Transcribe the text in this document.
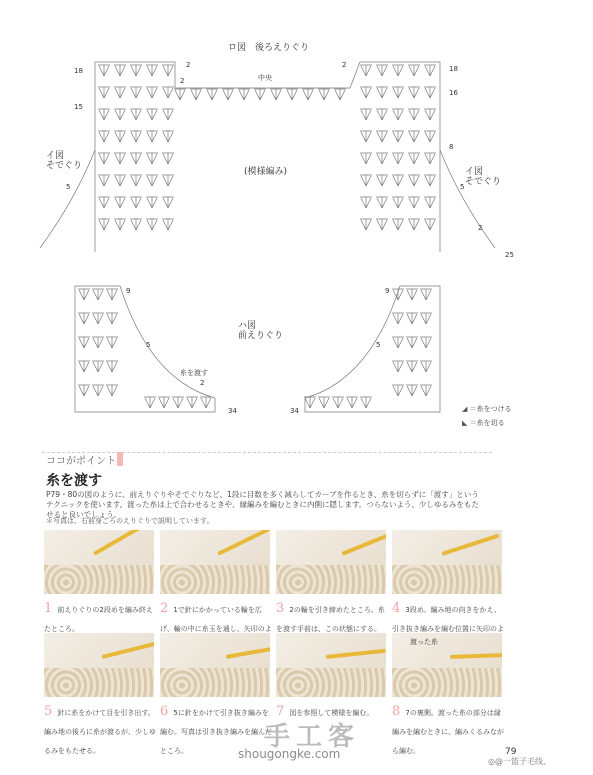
ロ図　後ろえりぐり
中央
18
15
5
2
2
2	18
16
8
5
2
25
(模様編み)
イ図
そでぐり
イ図
そでぐり
ハ図
前えりぐり
9
5
糸を渡す
2
34
9
5
34	◢ ＝糸をつける
◣ ＝糸を切る
ココがポイント
糸を渡す
P79・80の図のように、前えりぐりやそでぐりなど、1段に目数を多く減らしてカーブを作るとき、糸を切らずに「渡す」というテクニックを使います。渡った糸は上で合わせるときや、縁編みを編むときに内側に隠します。つらないよう、少しゆるみをもたせると良いでしょう。
＊写真は、右前身ごろのえりぐりで説明しています。
1 前えりぐりの2段めを編み終えたところ。
2 1で針にかかっている輪を広げ、輪の中に糸玉を通し、矢印のよ
3 2の輪を引き締めたところ。糸を渡す手前は、この状態にする。
4 3段め。編み地の向きをかえ、引き抜き編みを編む位置に矢印のよ
5 針に糸をかけて目を引き出す。編み地の後ろに糸が渡るが、少しゆるみをもたせる。
6 5に針をかけて引き抜き編みを編む。写真は引き抜き編みを編んだところ。
7 図を参照して模様を編む。
渡った糸
8 7の裏側。渡った糸の部分は縁編みを編むときに、編みくるみながら編む。
手工客
shougongke.com	79
◎@一篮子毛线、
